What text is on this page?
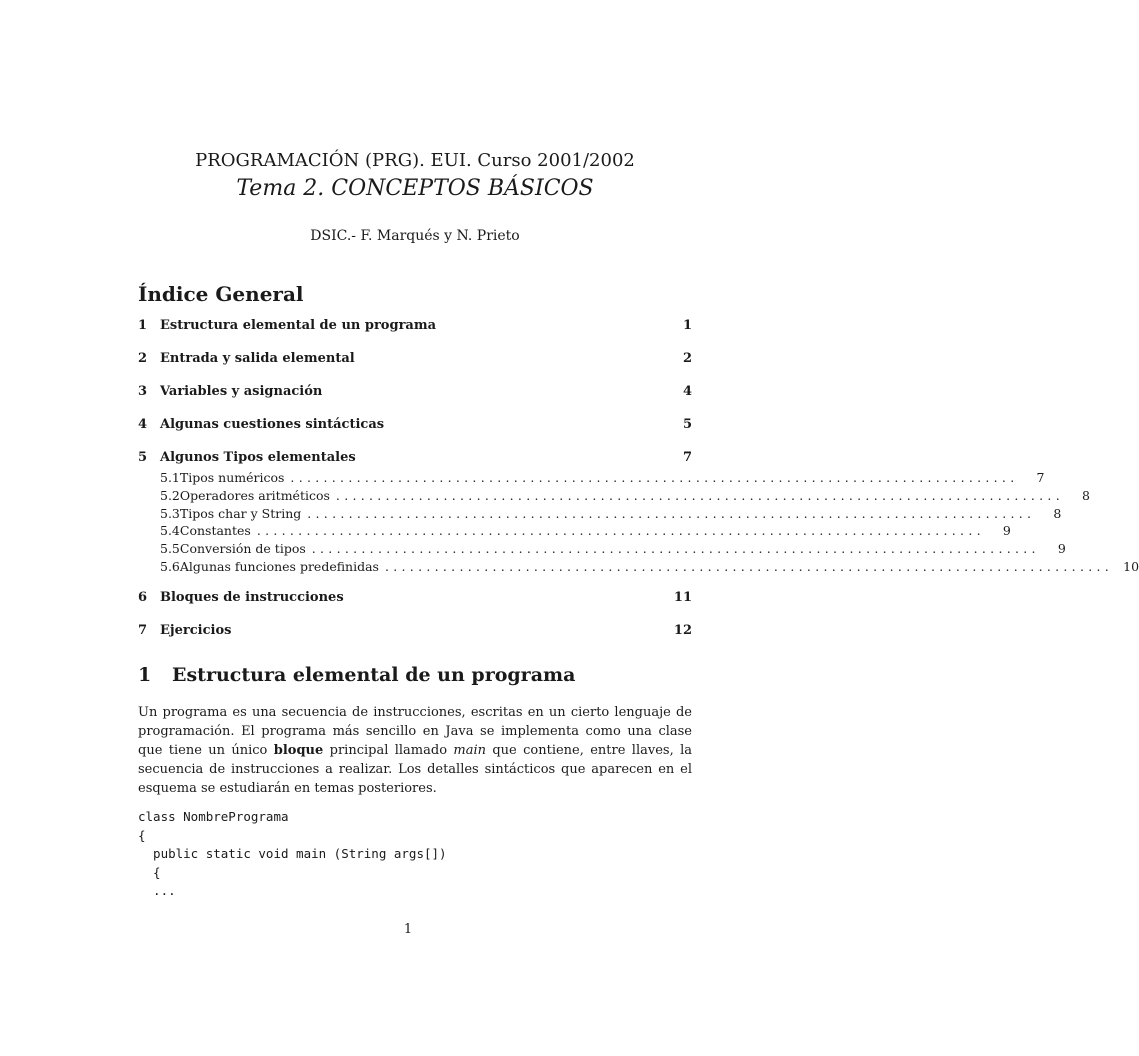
PROGRAMACIÓN (PRG). EUI. Curso 2001/2002
Tema 2. CONCEPTOS BÁSICOS
DSIC.- F. Marqués y N. Prieto
Índice General
1 Estructura elemental de un programa	1
2 Entrada y salida elemental	2
3 Variables y asignación	4
4 Algunas cuestiones sintácticas	5
5 Algunos Tipos elementales	7
5.1 Tipos numéricos ........................................................................................	7
5.2 Operadores aritméticos ........................................................................................	8
5.3 Tipos char y String ........................................................................................	8
5.4 Constantes ........................................................................................	9
5.5 Conversión de tipos ........................................................................................	9
5.6 Algunas funciones predefinidas ........................................................................................ 10
6 Bloques de instrucciones	11
7 Ejercicios	12
1	Estructura elemental de un programa
Un programa es una secuencia de instrucciones, escritas en un cierto lenguaje de programación. El programa más sencillo en Java se implementa como una clase que tiene un único bloque principal llamado main que contiene, entre llaves, la secuencia de instrucciones a realizar. Los detalles sintácticos que aparecen en el esquema se estudiarán en temas posteriores.
class NombrePrograma
{
public static void main (String args[])
{
...
1
